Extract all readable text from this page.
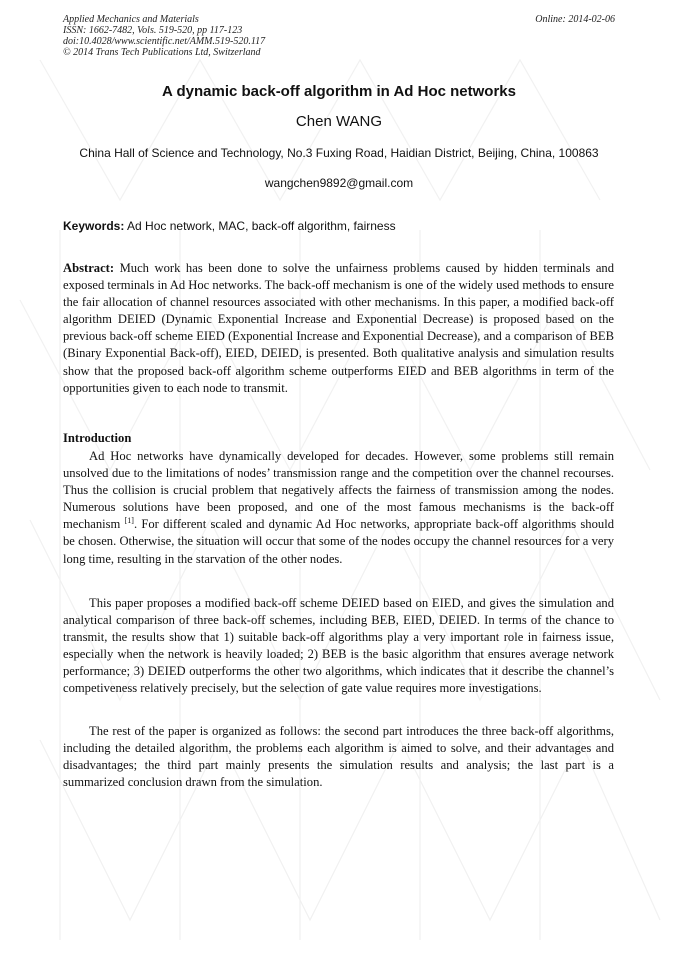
Applied Mechanics and Materials
ISSN: 1662-7482, Vols. 519-520, pp 117-123
doi:10.4028/www.scientific.net/AMM.519-520.117
© 2014 Trans Tech Publications Ltd, Switzerland
Online: 2014-02-06
A dynamic back-off algorithm in Ad Hoc networks
Chen WANG
China Hall of Science and Technology, No.3 Fuxing Road, Haidian District, Beijing, China, 100863
wangchen9892@gmail.com
Keywords: Ad Hoc network, MAC, back-off algorithm, fairness

Abstract: Much work has been done to solve the unfairness problems caused by hidden terminals and exposed terminals in Ad Hoc networks. The back-off mechanism is one of the widely used methods to ensure the fair allocation of channel resources associated with other mechanisms. In this paper, a modified back-off algorithm DEIED (Dynamic Exponential Increase and Exponential Decrease) is proposed based on the previous back-off scheme EIED (Exponential Increase and Exponential Decrease), and a comparison of BEB (Binary Exponential Back-off), EIED, DEIED, is presented. Both qualitative analysis and simulation results show that the proposed back-off algorithm scheme outperforms EIED and BEB algorithms in term of the opportunities given to each node to transmit.

Introduction

Ad Hoc networks have dynamically developed for decades. However, some problems still remain unsolved due to the limitations of nodes’ transmission range and the competition over the channel recourses. Thus the collision is crucial problem that negatively affects the fairness of transmission among the nodes. Numerous solutions have been proposed, and one of the most famous mechanisms is the back-off mechanism [1]. For different scaled and dynamic Ad Hoc networks, appropriate back-off algorithms should be chosen. Otherwise, the situation will occur that some of the nodes occupy the channel resources for a very long time, resulting in the starvation of the other nodes.

This paper proposes a modified back-off scheme DEIED based on EIED, and gives the simulation and analytical comparison of three back-off schemes, including BEB, EIED, DEIED. In terms of the chance to transmit, the results show that 1) suitable back-off algorithms play a very important role in fairness issue, especially when the network is heavily loaded; 2) BEB is the basic algorithm that ensures average network performance; 3) DEIED outperforms the other two algorithms, which indicates that it describe the channel’s competiveness relatively precisely, but the selection of gate value requires more investigations.

The rest of the paper is organized as follows: the second part introduces the three back-off algorithms, including the detailed algorithm, the problems each algorithm is aimed to solve, and their advantages and disadvantages; the third part mainly presents the simulation results and analysis; the last part is a summarized conclusion drawn from the simulation.
